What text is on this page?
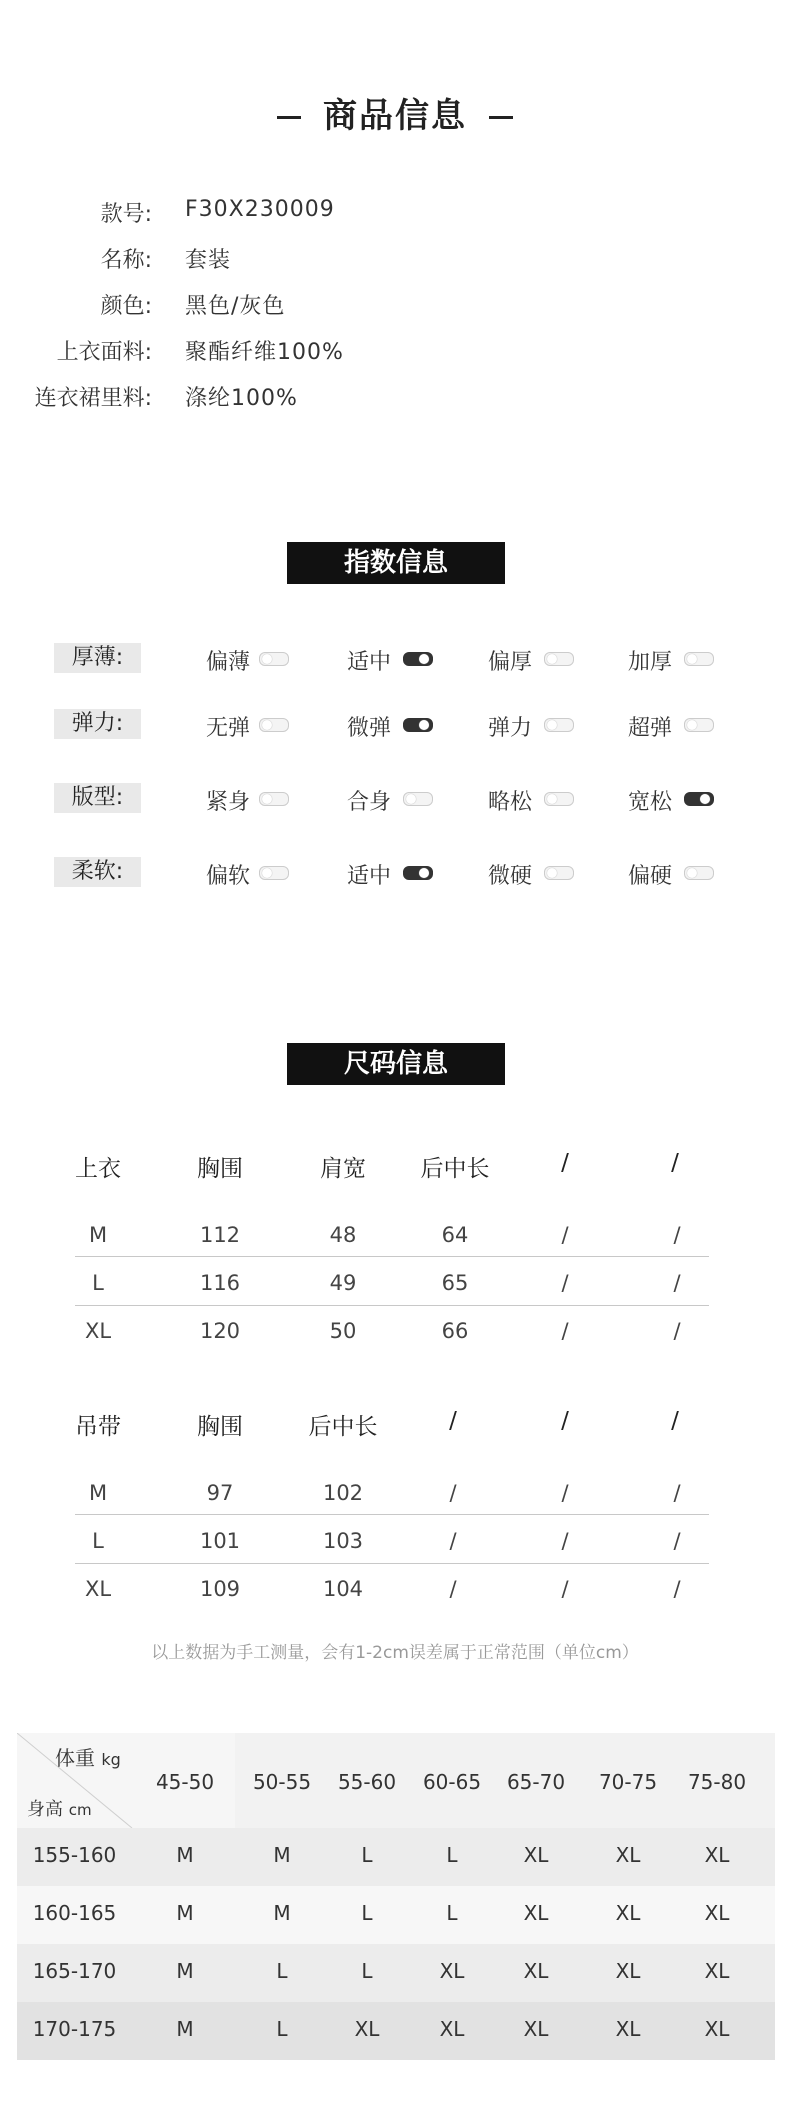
商品信息
款号: F30X230009
名称: 套装
颜色: 黑色/灰色
上衣面料: 聚酯纤维100%
连衣裙里料: 涤纶100%
指数信息
厚薄:	偏薄	适中	偏厚	加厚
弹力:	无弹	微弹	弹力	超弹
版型:	紧身	合身	略松	宽松
柔软:	偏软	适中	微硬	偏硬
尺码信息
上衣	胸围	肩宽	后中长	/	/
M	112	48	64	/	/
L	116	49	65	/	/
XL	120	50	66	/	/
吊带	胸围	后中长	/	/	/
M	97	102	/	/	/
L	101	103	/	/	/
XL	109	104	/	/	/
以上数据为手工测量，会有1-2cm误差属于正常范围（单位cm）
体重 kg
身高 cm
45-50	50-55	55-60	60-65	65-70	70-75	75-80
155-160	M	M	L	L	XL	XL	XL
160-165	M	M	L	L	XL	XL	XL
165-170	M	L	L	XL	XL	XL	XL
170-175	M	L	XL	XL	XL	XL	XL
